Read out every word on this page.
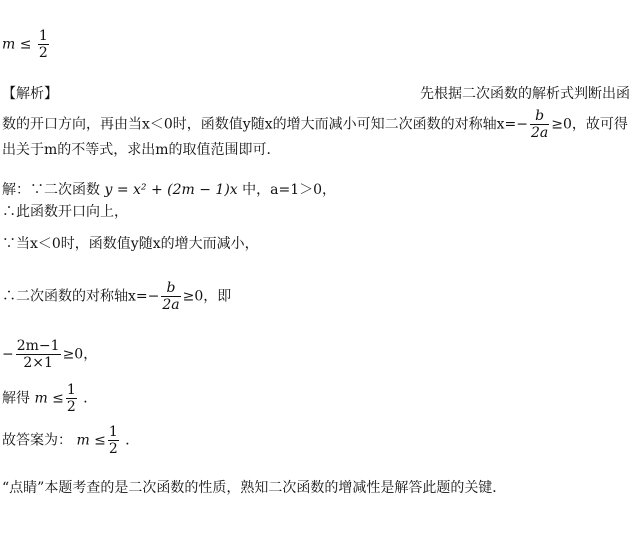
$m \le \frac{1}{2}$
【解析】	先根据二次函数的解析式判断出函
数的开口方向，再由当x＜0时，函数值y随x的增大而减小可知二次函数的对称轴$x=- \frac{b}{2a} \ge 0$，故可得
出关于m的不等式，求出m的取值范围即可．
解：∵二次函数 y = x² + (2m − 1)x 中，a=1＞0，
∴此函数开口向上，
∵当x＜0时，函数值y随x的增大而减小，
∴二次函数的对称轴$x=- \frac{b}{2a} \ge 0$，即
− $\frac{2m-1}{2\times 1} \ge 0$，
解得 $m \le \frac{1}{2}$ ．
故答案为： $m \le \frac{1}{2}$ ．
“点睛”本题考查的是二次函数的性质，熟知二次函数的增减性是解答此题的关键．
